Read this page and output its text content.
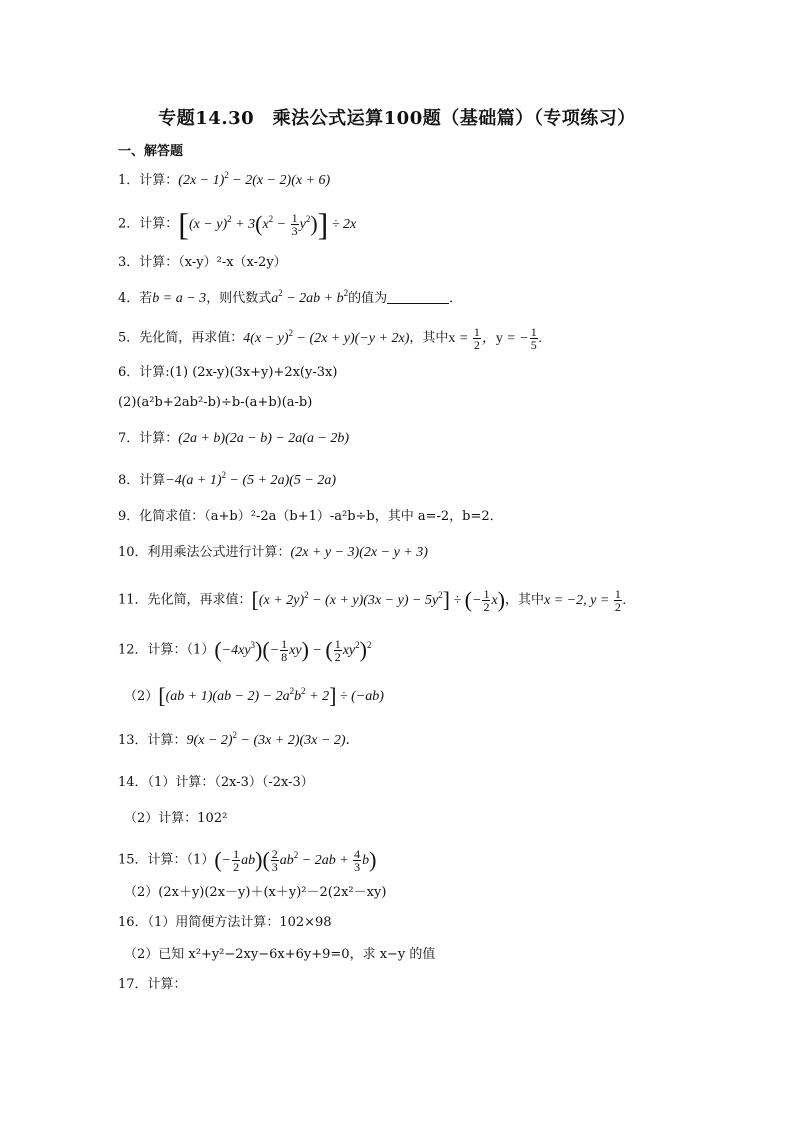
专题14.30　乘法公式运算100题（基础篇）（专项练习）
一、解答题
1．计算：$(2x - 1)^2 - 2(x - 2)(x + 6)$
2．计算：$[(x - y)^2 + 3(x^2 - \frac{1}{3} y^2)] \div 2x$
3．计算：（x-y）²-x（x-2y）
4．若b = a − 3，则代数式$a^2 - 2ab + b^2$的值为	．
5．先化简，再求值：$4(x - y)^2 - (2x + y)(-y + 2x)$，其中$x = \frac{1}{2}$ ，y = − $\frac{1}{5}$ .
6．计算:(1) (2x-y)(3x+y)+2x(y-3x)
(2)(a²b+2ab²-b)÷b-(a+b)(a-b)
7．计算：(2a + b)(2a − b) − 2a(a − 2b)
8．计算$-4(a + 1)^2 - (5 + 2a)(5 - 2a)$
9．化简求值：（a+b）²-2a（b+1）-a²b÷b，其中 a=-2，b=2．
10．利用乘法公式进行计算：(2x + y − 3)(2x − y + 3)
11．先化简，再求值：$[(x + 2y)^2 - (x + y)(3x - y) - 5y^2]$ ÷ (− $\frac{1}{2} x$)，其中x = −2, $y = \frac{1}{2}$ .
12．计算：$(1)(-4xy^3)(- \frac{1}{8} xy)$ − ( $\frac{1}{2} xy^2)^2$
$(2)[(ab + 1)(ab - 2) - 2a^2b^2 + 2] \div (-ab)$
13．计算：$9(x - 2)^2 - (3x + 2)(3x - 2)$．
14．（1）计算：（2x-3）（-2x-3）
（2）计算：102²
15．计算：$(1)(- \frac{1}{2} ab)( \frac{2}{3} ab^2 - 2ab + \frac{4}{3} b)$
（2）(2x＋y)(2x－y)＋(x＋y)²－2(2x²－xy)
16．（1）用简便方法计算：102×98
（2）已知 x²+y²−2xy−6x+6y+9=0，求 x−y 的值
17．计算：
